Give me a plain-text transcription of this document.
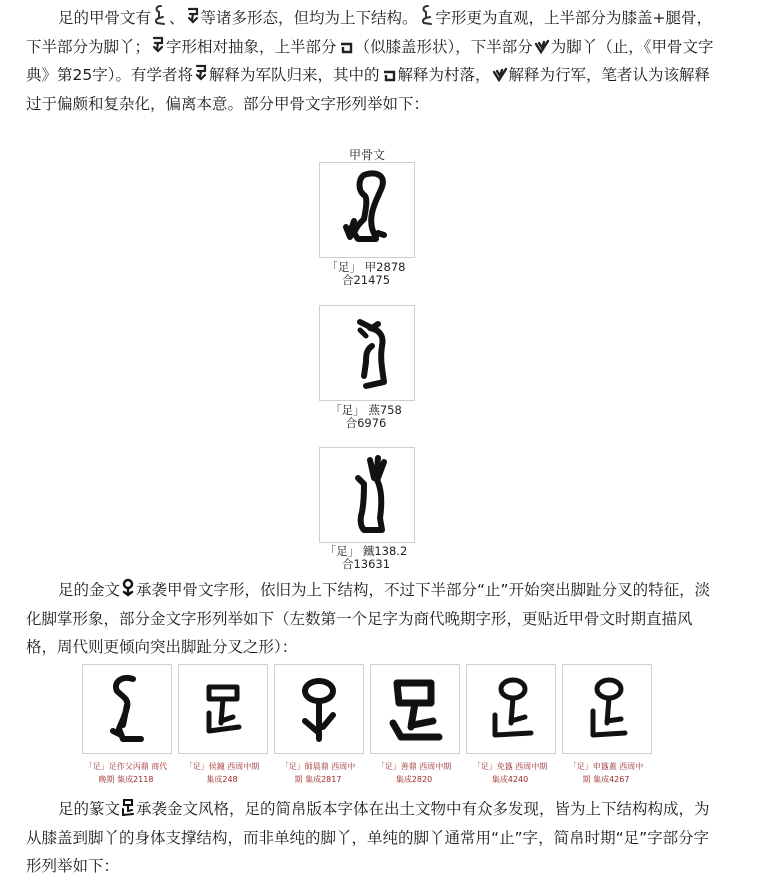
足的甲骨文有 、 等诸多形态，但均为上下结构。 字形更为直观，上半部分为膝盖+腿骨，下半部分为脚丫； 字形相对抽象，上半部分 （似膝盖形状），下半部分 为脚丫（止，《甲骨文字典》第25字）。有学者将 解释为军队归来，其中的 解释为村落， 解释为行军，笔者认为该解释过于偏颇和复杂化，偏离本意。部分甲骨文字形列举如下：

甲骨文
「足」 甲2878
合21475
「足」 燕758
合6976
「足」 鐵138.2
合13631

足的金文 承袭甲骨文字形，依旧为上下结构，不过下半部分“止”开始突出脚趾分叉的特征，淡化脚掌形象，部分金文字形列举如下（左数第一个足字为商代晚期字形，更贴近甲骨文时期直描风格，周代则更倾向突出脚趾分叉之形）：

「足」足作父丙鼎 商代
晚期 集成2118
「足」侯鐘 西周中期
集成248
「足」師晨鼎 西周中
期 集成2817
「足」善鼎 西周中期
集成2820
「足」免簋 西周中期
集成4240
「足」申簋蓋 西周中
期 集成4267

足的篆文 承袭金文风格，足的简帛版本字体在出土文物中有众多发现，皆为上下结构构成，为从膝盖到脚丫的身体支撑结构，而非单纯的脚丫，单纯的脚丫通常用“止”字，简帛时期“足”字部分字形列举如下：
